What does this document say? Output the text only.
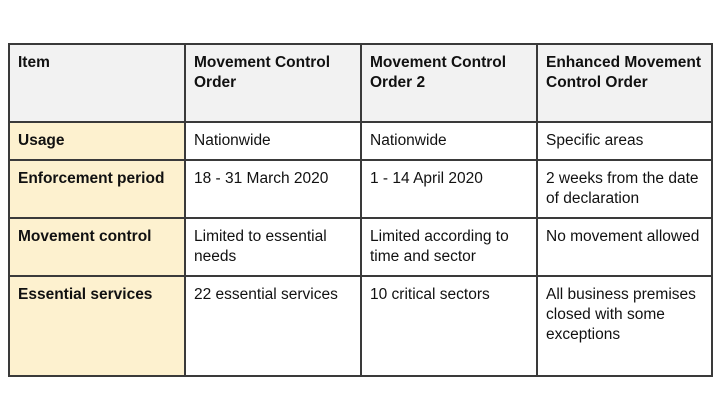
Item	Movement Control Order	Movement Control Order 2	Enhanced Movement Control Order
Usage	Nationwide	Nationwide	Specific areas
Enforcement period	18 - 31 March 2020	1 - 14 April 2020	2 weeks from the date of declaration
Movement control	Limited to essential needs	Limited according to time and sector	No movement allowed
Essential services	22 essential services	10 critical sectors	All business premises closed with some exceptions
